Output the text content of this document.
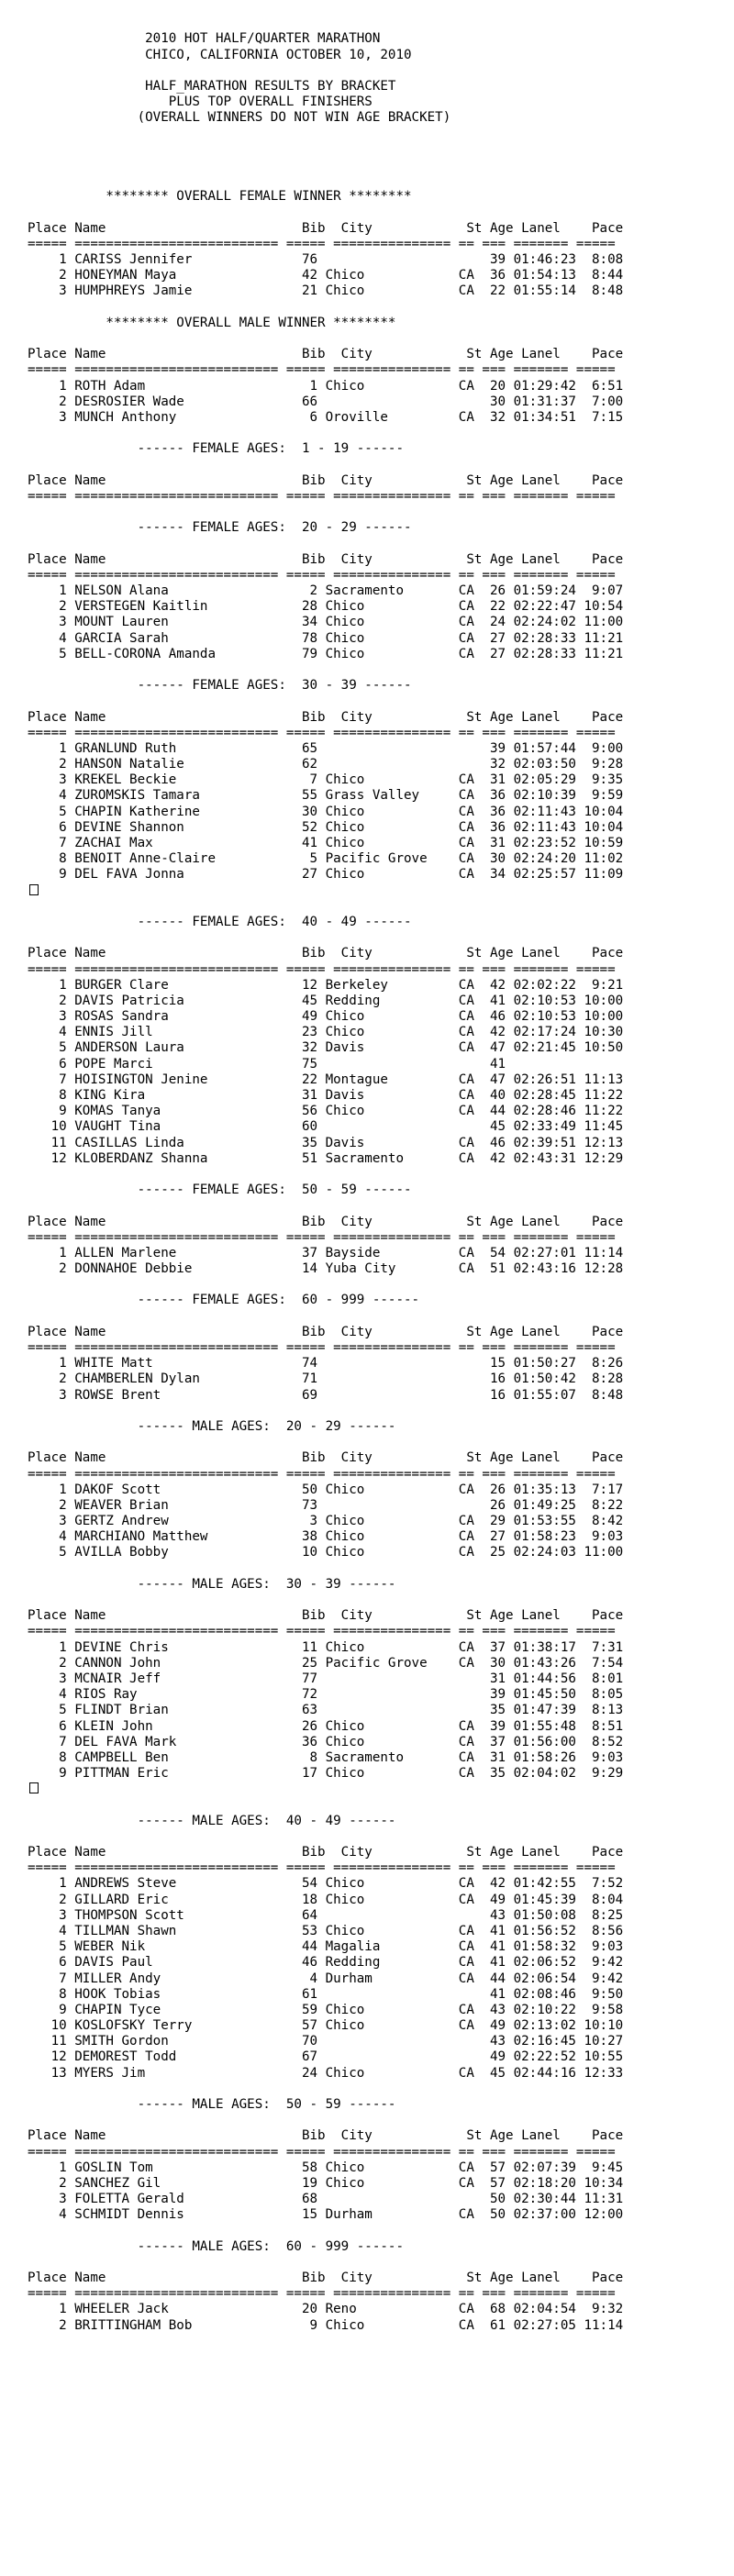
2010 HOT HALF/QUARTER MARATHON
CHICO, CALIFORNIA OCTOBER 10, 2010
HALF_MARATHON RESULTS BY BRACKET
PLUS TOP OVERALL FINISHERS
(OVERALL WINNERS DO NOT WIN AGE BRACKET)

******** OVERALL FEMALE WINNER ********
Place Name                         Bib  City            St Age Lanel    Pace
===== ========================== ===== =============== == === ======= =====
1 CARISS Jennifer              76                      39 01:46:23  8:08
2 HONEYMAN Maya                42 Chico            CA  36 01:54:13  8:44
3 HUMPHREYS Jamie              21 Chico            CA  22 01:55:14  8:48
******** OVERALL MALE WINNER ********
Place Name                         Bib  City            St Age Lanel    Pace
===== ========================== ===== =============== == === ======= =====
1 ROTH Adam                     1 Chico            CA  20 01:29:42  6:51
2 DESROSIER Wade               66                      30 01:31:37  7:00
3 MUNCH Anthony                 6 Oroville         CA  32 01:34:51  7:15
------ FEMALE AGES:  1 - 19 ------
Place Name                         Bib  City            St Age Lanel    Pace
===== ========================== ===== =============== == === ======= =====
------ FEMALE AGES:  20 - 29 ------
Place Name                         Bib  City            St Age Lanel    Pace
===== ========================== ===== =============== == === ======= =====
1 NELSON Alana                  2 Sacramento       CA  26 01:59:24  9:07
2 VERSTEGEN Kaitlin            28 Chico            CA  22 02:22:47 10:54
3 MOUNT Lauren                 34 Chico            CA  24 02:24:02 11:00
4 GARCIA Sarah                 78 Chico            CA  27 02:28:33 11:21
5 BELL-CORONA Amanda           79 Chico            CA  27 02:28:33 11:21
------ FEMALE AGES:  30 - 39 ------
Place Name                         Bib  City            St Age Lanel    Pace
===== ========================== ===== =============== == === ======= =====
1 GRANLUND Ruth                65                      39 01:57:44  9:00
2 HANSON Natalie               62                      32 02:03:50  9:28
3 KREKEL Beckie                 7 Chico            CA  31 02:05:29  9:35
4 ZUROMSKIS Tamara             55 Grass Valley     CA  36 02:10:39  9:59
5 CHAPIN Katherine             30 Chico            CA  36 02:11:43 10:04
6 DEVINE Shannon               52 Chico            CA  36 02:11:43 10:04
7 ZACHAI Max                   41 Chico            CA  31 02:23:52 10:59
8 BENOIT Anne-Claire            5 Pacific Grove    CA  30 02:24:20 11:02
9 DEL FAVA Jonna               27 Chico            CA  34 02:25:57 11:09
------ FEMALE AGES:  40 - 49 ------
Place Name                         Bib  City            St Age Lanel    Pace
===== ========================== ===== =============== == === ======= =====
1 BURGER Clare                 12 Berkeley         CA  42 02:02:22  9:21
2 DAVIS Patricia               45 Redding          CA  41 02:10:53 10:00
3 ROSAS Sandra                 49 Chico            CA  46 02:10:53 10:00
4 ENNIS Jill                   23 Chico            CA  42 02:17:24 10:30
5 ANDERSON Laura               32 Davis            CA  47 02:21:45 10:50
6 POPE Marci                   75                      41
7 HOISINGTON Jenine            22 Montague         CA  47 02:26:51 11:13
8 KING Kira                    31 Davis            CA  40 02:28:45 11:22
9 KOMAS Tanya                  56 Chico            CA  44 02:28:46 11:22
10 VAUGHT Tina                  60                      45 02:33:49 11:45
11 CASILLAS Linda               35 Davis            CA  46 02:39:51 12:13
12 KLOBERDANZ Shanna            51 Sacramento       CA  42 02:43:31 12:29
------ FEMALE AGES:  50 - 59 ------
Place Name                         Bib  City            St Age Lanel    Pace
===== ========================== ===== =============== == === ======= =====
1 ALLEN Marlene                37 Bayside          CA  54 02:27:01 11:14
2 DONNAHOE Debbie              14 Yuba City        CA  51 02:43:16 12:28
------ FEMALE AGES:  60 - 999 ------
Place Name                         Bib  City            St Age Lanel    Pace
===== ========================== ===== =============== == === ======= =====
1 WHITE Matt                   74                      15 01:50:27  8:26
2 CHAMBERLEN Dylan             71                      16 01:50:42  8:28
3 ROWSE Brent                  69                      16 01:55:07  8:48
------ MALE AGES:  20 - 29 ------
Place Name                         Bib  City            St Age Lanel    Pace
===== ========================== ===== =============== == === ======= =====
1 DAKOF Scott                  50 Chico            CA  26 01:35:13  7:17
2 WEAVER Brian                 73                      26 01:49:25  8:22
3 GERTZ Andrew                  3 Chico            CA  29 01:53:55  8:42
4 MARCHIANO Matthew            38 Chico            CA  27 01:58:23  9:03
5 AVILLA Bobby                 10 Chico            CA  25 02:24:03 11:00
------ MALE AGES:  30 - 39 ------
Place Name                         Bib  City            St Age Lanel    Pace
===== ========================== ===== =============== == === ======= =====
1 DEVINE Chris                 11 Chico            CA  37 01:38:17  7:31
2 CANNON John                  25 Pacific Grove    CA  30 01:43:26  7:54
3 MCNAIR Jeff                  77                      31 01:44:56  8:01
4 RIOS Ray                     72                      39 01:45:50  8:05
5 FLINDT Brian                 63                      35 01:47:39  8:13
6 KLEIN John                   26 Chico            CA  39 01:55:48  8:51
7 DEL FAVA Mark                36 Chico            CA  37 01:56:00  8:52
8 CAMPBELL Ben                  8 Sacramento       CA  31 01:58:26  9:03
9 PITTMAN Eric                 17 Chico            CA  35 02:04:02  9:29
------ MALE AGES:  40 - 49 ------
Place Name                         Bib  City            St Age Lanel    Pace
===== ========================== ===== =============== == === ======= =====
1 ANDREWS Steve                54 Chico            CA  42 01:42:55  7:52
2 GILLARD Eric                 18 Chico            CA  49 01:45:39  8:04
3 THOMPSON Scott               64                      43 01:50:08  8:25
4 TILLMAN Shawn                53 Chico            CA  41 01:56:52  8:56
5 WEBER Nik                    44 Magalia          CA  41 01:58:32  9:03
6 DAVIS Paul                   46 Redding          CA  41 02:06:52  9:42
7 MILLER Andy                   4 Durham           CA  44 02:06:54  9:42
8 HOOK Tobias                  61                      41 02:08:46  9:50
9 CHAPIN Tyce                  59 Chico            CA  43 02:10:22  9:58
10 KOSLOFSKY Terry              57 Chico            CA  49 02:13:02 10:10
11 SMITH Gordon                 70                      43 02:16:45 10:27
12 DEMOREST Todd                67                      49 02:22:52 10:55
13 MYERS Jim                    24 Chico            CA  45 02:44:16 12:33
------ MALE AGES:  50 - 59 ------
Place Name                         Bib  City            St Age Lanel    Pace
===== ========================== ===== =============== == === ======= =====
1 GOSLIN Tom                   58 Chico            CA  57 02:07:39  9:45
2 SANCHEZ Gil                  19 Chico            CA  57 02:18:20 10:34
3 FOLETTA Gerald               68                      50 02:30:44 11:31
4 SCHMIDT Dennis               15 Durham           CA  50 02:37:00 12:00
------ MALE AGES:  60 - 999 ------
Place Name                         Bib  City            St Age Lanel    Pace
===== ========================== ===== =============== == === ======= =====
1 WHEELER Jack                 20 Reno             CA  68 02:04:54  9:32
2 BRITTINGHAM Bob               9 Chico            CA  61 02:27:05 11:14
